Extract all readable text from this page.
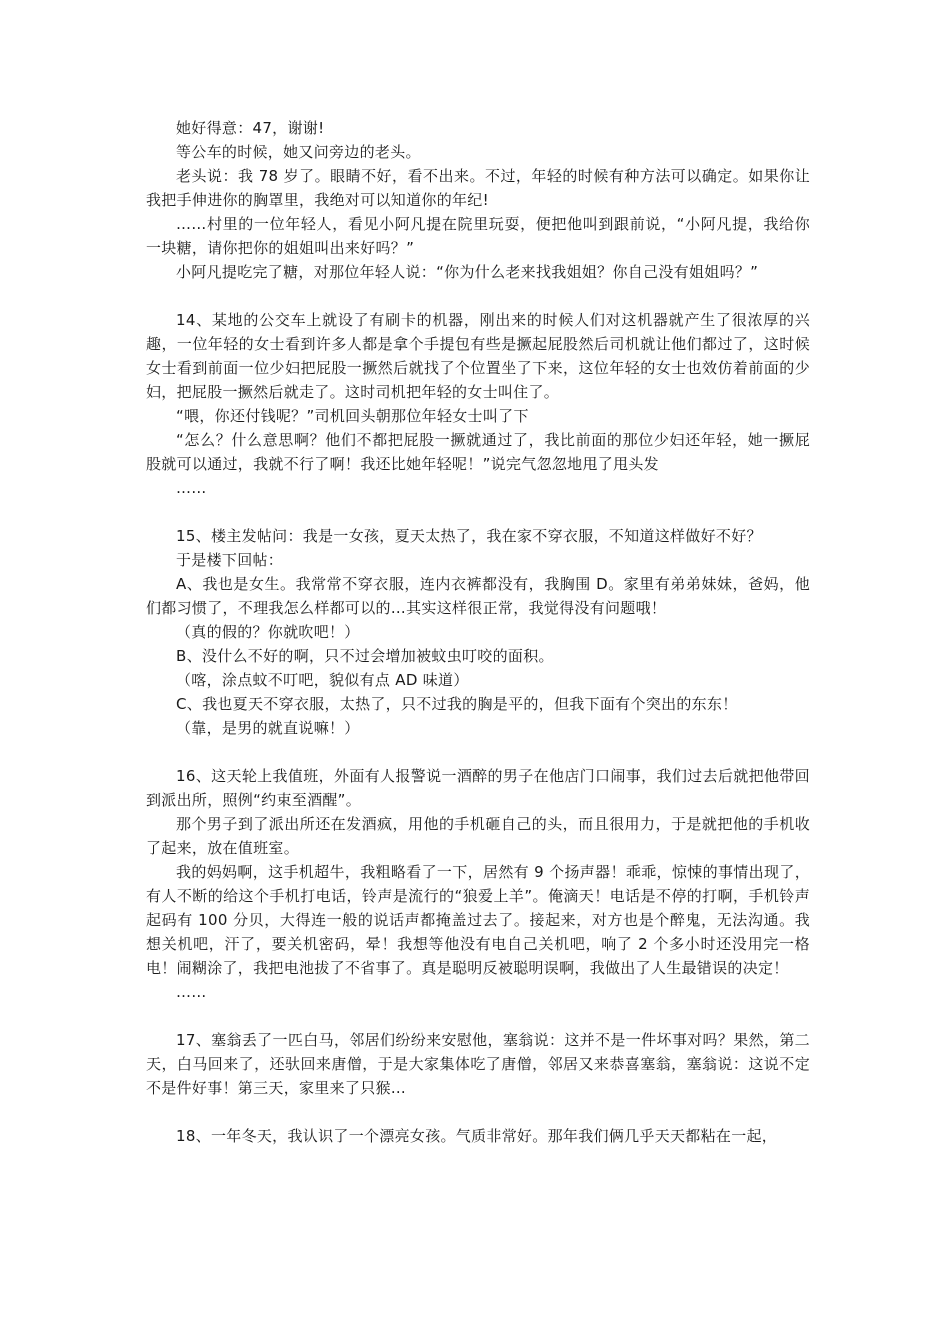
她好得意：47，谢谢!

等公车的时候，她又问旁边的老头。

老头说：我 78 岁了。眼睛不好，看不出来。不过，年轻的时候有种方法可以确定。如果你让我把手伸进你的胸罩里，我绝对可以知道你的年纪!

……村里的一位年轻人，看见小阿凡提在院里玩耍，便把他叫到跟前说，“小阿凡提，我给你一块糖，请你把你的姐姐叫出来好吗？”

小阿凡提吃完了糖，对那位年轻人说：“你为什么老来找我姐姐？你自己没有姐姐吗？”

14、某地的公交车上就设了有刷卡的机器，刚出来的时候人们对这机器就产生了很浓厚的兴趣，一位年轻的女士看到许多人都是拿个手提包有些是撅起屁股然后司机就让他们都过了，这时候女士看到前面一位少妇把屁股一撅然后就找了个位置坐了下来，这位年轻的女士也效仿着前面的少妇，把屁股一撅然后就走了。这时司机把年轻的女士叫住了。

“喂，你还付钱呢？”司机回头朝那位年轻女士叫了下

“怎么？什么意思啊？他们不都把屁股一撅就通过了，我比前面的那位少妇还年轻，她一撅屁股就可以通过，我就不行了啊！我还比她年轻呢！”说完气忽忽地甩了甩头发

……

15、楼主发帖问：我是一女孩，夏天太热了，我在家不穿衣服，不知道这样做好不好？

于是楼下回帖：

A、我也是女生。我常常不穿衣服，连内衣裤都没有，我胸围 D。家里有弟弟妹妹，爸妈，他们都习惯了，不理我怎么样都可以的…其实这样很正常，我觉得没有问题哦！

（真的假的？你就吹吧！）

B、没什么不好的啊，只不过会增加被蚊虫叮咬的面积。

（喀，涂点蚊不叮吧，貌似有点 AD 味道）

C、我也夏天不穿衣服，太热了，只不过我的胸是平的，但我下面有个突出的东东！

（靠，是男的就直说嘛！）

16、这天轮上我值班，外面有人报警说一酒醉的男子在他店门口闹事，我们过去后就把他带回到派出所，照例“约束至酒醒”。

那个男子到了派出所还在发酒疯，用他的手机砸自己的头，而且很用力，于是就把他的手机收了起来，放在值班室。

我的妈妈啊，这手机超牛，我粗略看了一下，居然有 9 个扬声器！乖乖，惊悚的事情出现了，有人不断的给这个手机打电话，铃声是流行的“狼爱上羊”。俺滴天！电话是不停的打啊，手机铃声起码有 100 分贝，大得连一般的说话声都掩盖过去了。接起来，对方也是个醉鬼，无法沟通。我想关机吧，汗了，要关机密码，晕！我想等他没有电自己关机吧，响了 2 个多小时还没用完一格电！闹糊涂了，我把电池拔了不省事了。真是聪明反被聪明误啊，我做出了人生最错误的决定！

……

17、塞翁丢了一匹白马，邻居们纷纷来安慰他，塞翁说：这并不是一件坏事对吗？果然，第二天，白马回来了，还驮回来唐僧，于是大家集体吃了唐僧，邻居又来恭喜塞翁，塞翁说：这说不定不是件好事！第三天，家里来了只猴…

18、一年冬天，我认识了一个漂亮女孩。气质非常好。那年我们俩几乎天天都粘在一起，
